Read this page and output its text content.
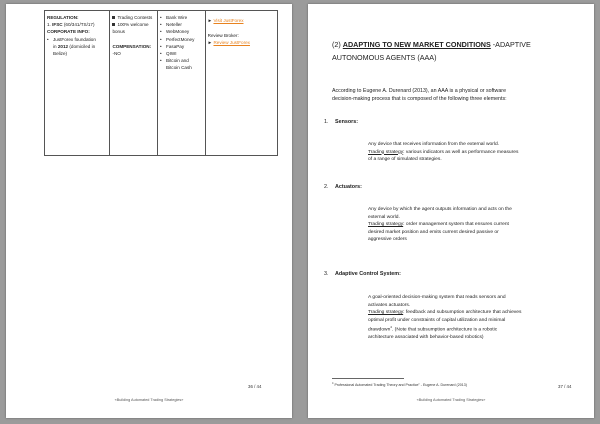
REGULATION:
1. IFSC (60/341/TS/17)
CORPORATE INFO:
• JustForex foundation
in 2012 (domiciled in
Belize)
Trading Contests
100% welcome
bonus
COMPENSATION:
-NO
• Bank Wire
• Neteller
• WebMoney
• PerfectMoney
• FasaPay
• QIWI
• Bitcoin and
Bitcoin Cash
► Visit JustForex
Review Broker:
► Review JustForex
36 / 44
«Building Automated Trading Strategies»
(2) ADAPTING TO NEW MARKET CONDITIONS -ADAPTIVE
AUTONOMOUS AGENTS (AAA)
According to Eugene A. Durenard (2013), an AAA is a physical or software
decision-making process that is composed of the following three elements:
1. Sensors:
Any device that receives information from the external world.
Trading strategy: various indicators as well as performance measures
of a range of simulated strategies.
2. Actuators:
Any device by which the agent outputs information and acts on the
external world.
Trading strategy: order management system that ensures current
desired market position and emits current desired passive or
aggressive orders
3. Adaptive Control System:
A goal-oriented decision-making system that reads sensors and
activates actuators.
Trading strategy: feedback and subsumption architecture that achieves
optimal profit under constraints of capital utilization and minimal
drawdown$^4$. (Note that subsumption architecture is a robotic
architecture associated with behavior-based robotics)
$^4$ Professional Automated Trading Theory and Practice" - Eugene A. Durenard (2013)	37 / 44
«Building Automated Trading Strategies»
